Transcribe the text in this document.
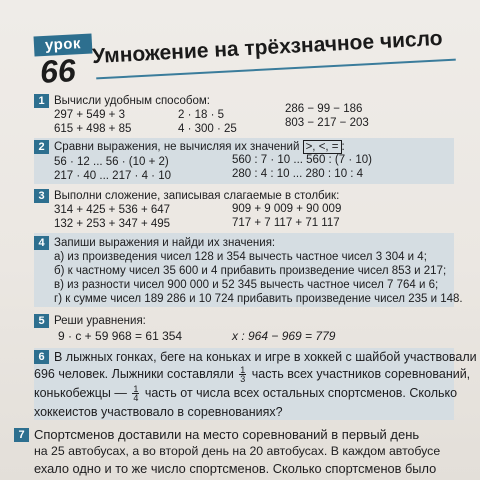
урок
66
Умножение на трёхзначное число
1 Вычисли удобным способом:
297 + 549 + 3
615 + 498 + 85
2 · 18 · 5
4 · 300 · 25
286 − 99 − 186
803 − 217 − 203
2 Сравни выражения, не вычисляя их значений >, <, = :
56 · 12 ... 56 · (10 + 2)
217 · 40 ... 217 · 4 · 10
560 : 7 · 10 ... 560 : (7 · 10)
280 : 4 : 10 ... 280 : 10 : 4
3 Выполни сложение, записывая слагаемые в столбик:
314 + 425 + 536 + 647
132 + 253 + 347 + 495
909 + 9 009 + 90 009
717 + 7 117 + 71 117
4 Запиши выражения и найди их значения:
а) из произведения чисел 128 и 354 вычесть частное чисел 3 304 и 4;
б) к частному чисел 35 600 и 4 прибавить произведение чисел 853 и 217;
в) из разности чисел 900 000 и 52 345 вычесть частное чисел 7 764 и 6;
г) к сумме чисел 189 286 и 10 724 прибавить произведение чисел 235 и 148.
5 Реши уравнения:
9 · c + 59 968 = 61 354	x : 964 − 969 = 779
6 В лыжных гонках, беге на коньках и игре в хоккей с шайбой участвовали
696 человек. Лыжники составляли $\frac{1}{3}$ часть всех участников соревнований,
конькобежцы — $\frac{1}{4}$ часть от числа всех остальных спортсменов. Сколько
хоккеистов участвовало в соревнованиях?
7 Спортсменов доставили на место соревнований в первый день
на 25 автобусах, а во второй день на 20 автобусах. В каждом автобусе
ехало одно и то же число спортсменов. Сколько спортсменов было
